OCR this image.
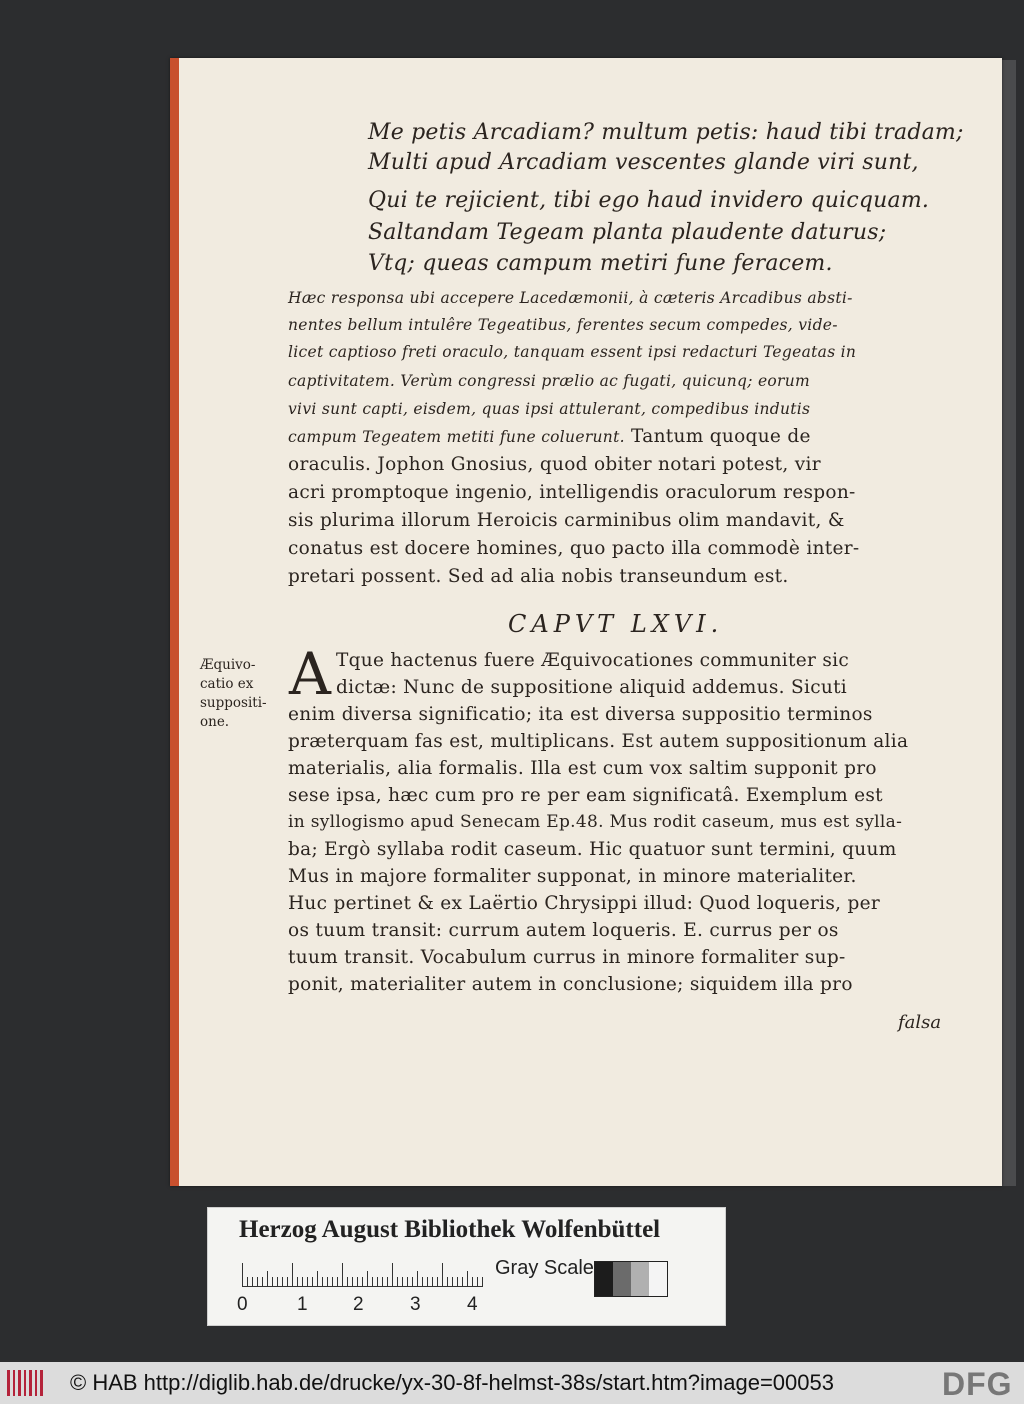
Me petis Arcadiam? multum petis: haud tibi tradam;
Multi apud Arcadiam vescentes glande viri sunt,
Qui te rejicient, tibi ego haud invidero quicquam.
Saltandam Tegeam planta plaudente daturus;
Vtq; queas campum metiri fune feracem.
Hæc responsa ubi accepere Lacedæmonii, à cæteris Arcadibus absti-
nentes bellum intulêre Tegeatibus, ferentes secum compedes, vide-
licet captioso freti oraculo, tanquam essent ipsi redacturi Tegeatas in
captivitatem. Verùm congressi prælio ac fugati, quicunq; eorum
vivi sunt capti, eisdem, quas ipsi attulerant, compedibus indutis
campum Tegeatem metiti fune coluerunt. Tantum quoque de
oraculis. Jophon Gnosius, quod obiter notari potest, vir
acri promptoque ingenio, intelligendis oraculorum respon-
sis plurima illorum Heroicis carminibus olim mandavit, &
conatus est docere homines, quo pacto illa commodè inter-
pretari possent. Sed ad alia nobis transeundum est.
CAPVT LXVI.
Æquivo-
catio ex
suppositi-
one.
A Tque hactenus fuere Æquivocationes communiter sic
dictæ: Nunc de suppositione aliquid addemus. Sicuti
enim diversa significatio; ita est diversa suppositio terminos
præterquam fas est, multiplicans. Est autem suppositionum alia
materialis, alia formalis. Illa est cum vox saltim supponit pro
sese ipsa, hæc cum pro re per eam significatâ. Exemplum est
in syllogismo apud Senecam Ep.48. Mus rodit caseum, mus est sylla-
ba; Ergò syllaba rodit caseum. Hic quatuor sunt termini, quum
Mus in majore formaliter supponat, in minore materialiter.
Huc pertinet & ex Laërtio Chrysippi illud: Quod loqueris, per
os tuum transit: currum autem loqueris. E. currus per os
tuum transit. Vocabulum currus in minore formaliter sup-
ponit, materialiter autem in conclusione; siquidem illa pro
falsa
Herzog August Bibliothek Wolfenbüttel
0	1 2 3 4
Gray Scale
© HAB http://diglib.hab.de/drucke/yx-30-8f-helmst-38s/start.htm?image=00053	DFG
